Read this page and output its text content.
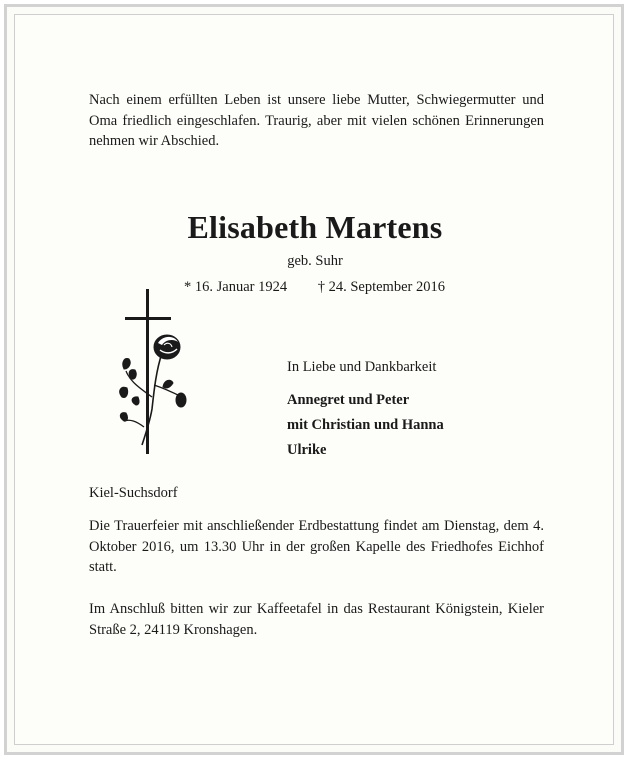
Nach einem erfüllten Leben ist unsere liebe Mutter, Schwiegermutter und Oma friedlich eingeschlafen. Traurig, aber mit vielen schönen Erinnerungen nehmen wir Abschied.
Elisabeth Martens
geb. Suhr
* 16. Januar 1924 † 24. September 2016
In Liebe und Dankbarkeit
Annegret und Peter
mit Christian und Hanna
Ulrike
Kiel-Suchsdorf
Die Trauerfeier mit anschließender Erdbestattung findet am Dienstag, dem 4. Oktober 2016, um 13.30 Uhr in der großen Kapelle des Friedhofes Eichhof statt.
Im Anschluß bitten wir zur Kaffeetafel in das Restaurant Königstein, Kieler Straße 2, 24119 Kronshagen.
